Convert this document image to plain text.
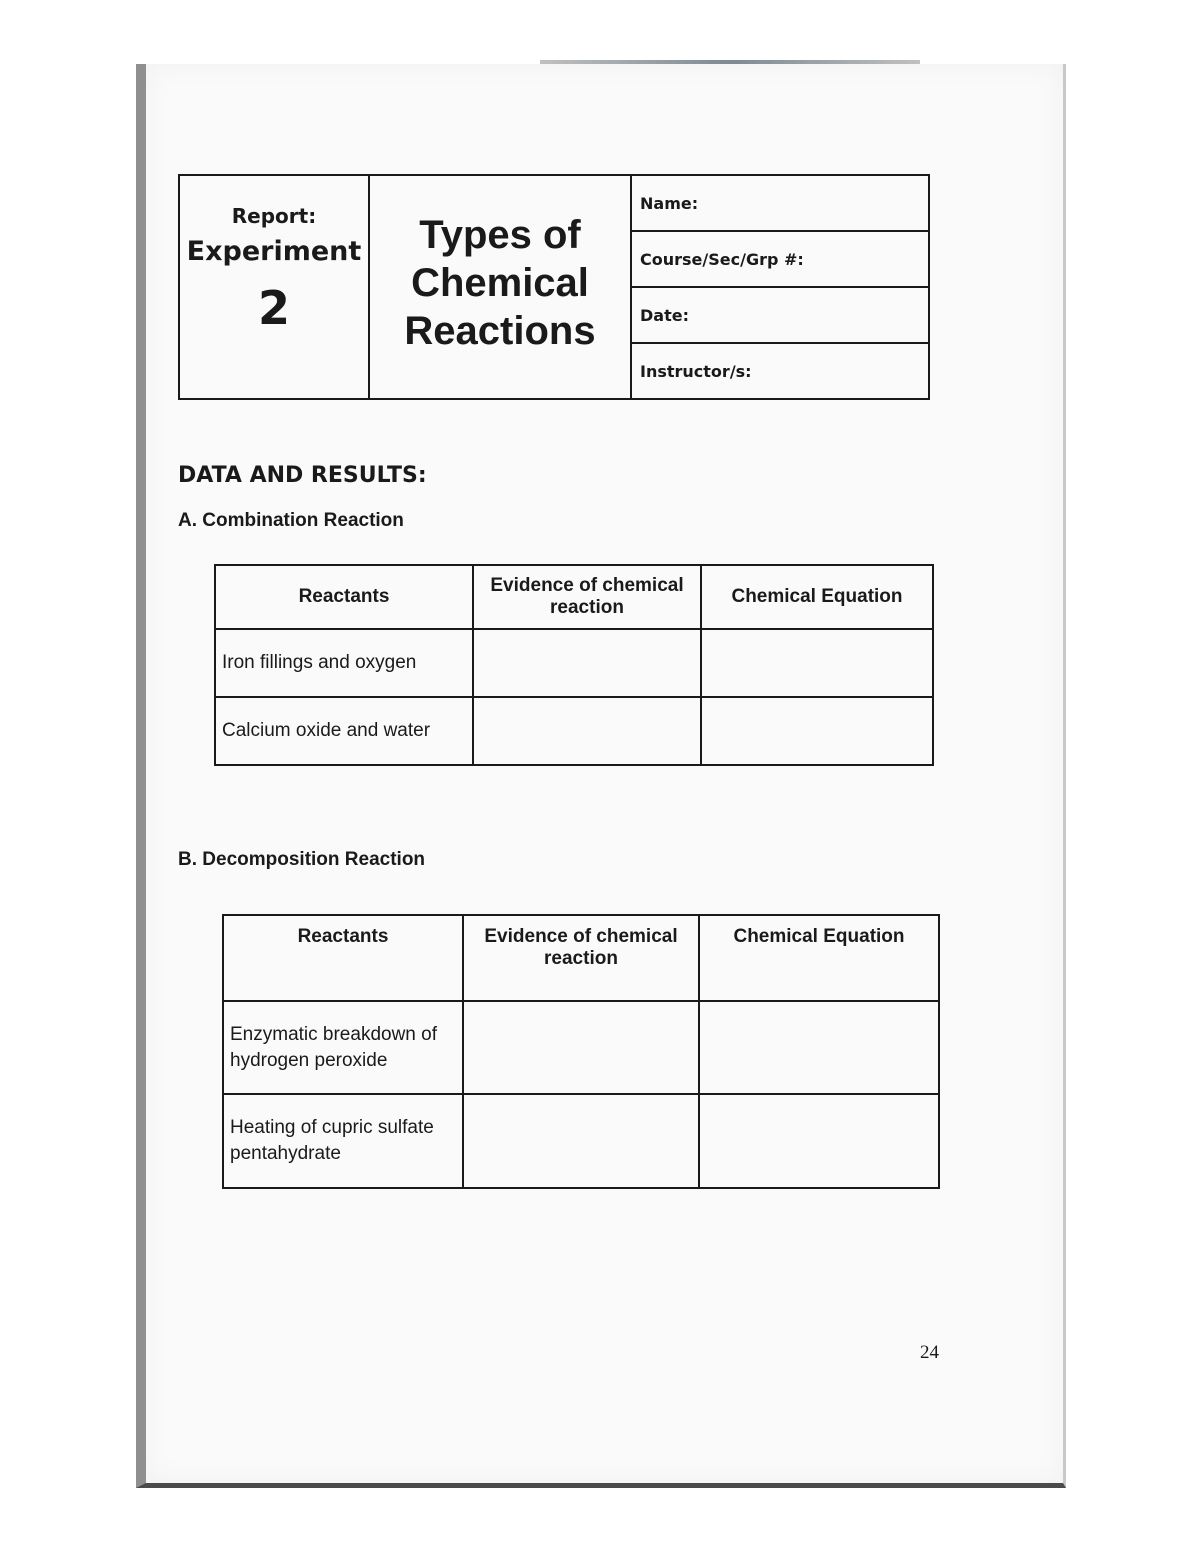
Report:
Experiment
2
Types of
Chemical
Reactions
Name:
Course/Sec/Grp #:
Date:
Instructor/s:
DATA AND RESULTS:
A. Combination Reaction
Reactants	Evidence of chemical reaction	Chemical Equation
Iron fillings and oxygen		
Calcium oxide and water		
B. Decomposition Reaction
Reactants	Evidence of chemical reaction	Chemical Equation
Enzymatic breakdown of hydrogen peroxide		
Heating of cupric sulfate pentahydrate		
24
